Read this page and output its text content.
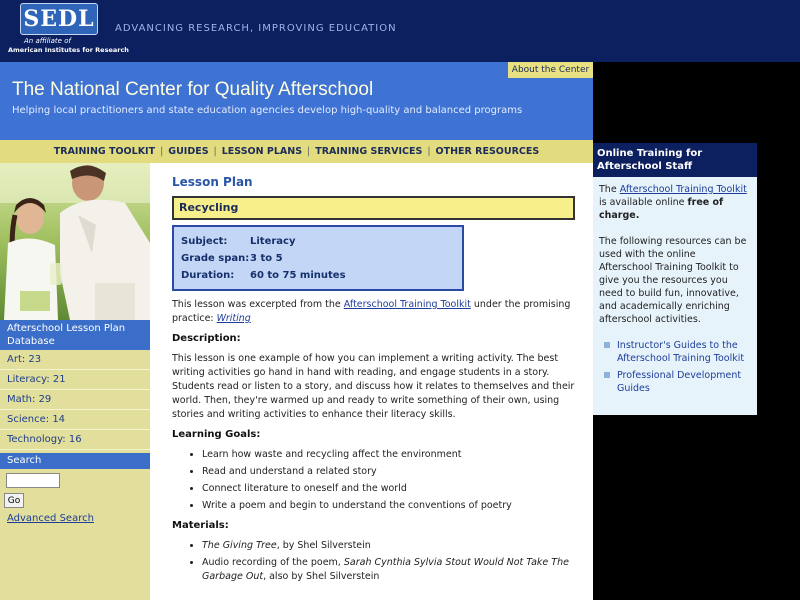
SEDL
An affiliate of
American Institutes for Research
ADVANCING RESEARCH, IMPROVING EDUCATION
About the Center
The National Center for Quality Afterschool
Helping local practitioners and state education agencies develop high-quality and balanced programs
TRAINING TOOLKIT | GUIDES | LESSON PLANS | TRAINING SERVICES | OTHER RESOURCES
Afterschool Lesson Plan Database
Art: 23
Literacy: 21
Math: 29
Science: 14
Technology: 16
Search
Go
Advanced Search
Lesson Plan
Recycling
Subject: Literacy
Grade span:3 to 5
Duration: 60 to 75 minutes

This lesson was excerpted from the Afterschool Training Toolkit under the promising practice: Writing

Description:

This lesson is one example of how you can implement a writing activity. The best writing activities go hand in hand with reading, and engage students in a story. Students read or listen to a story, and discuss how it relates to themselves and their world. Then, they're warmed up and ready to write something of their own, using stories and writing activities to enhance their literacy skills.

Learning Goals:
• Learn how waste and recycling affect the environment
• Read and understand a related story
• Connect literature to oneself and the world
• Write a poem and begin to understand the conventions of poetry
Materials:
• The Giving Tree, by Shel Silverstein
• Audio recording of the poem, Sarah Cynthia Sylvia Stout Would Not Take The Garbage Out, also by Shel Silverstein
Online Training for Afterschool Staff

The Afterschool Training Toolkit is available online free of charge.

The following resources can be used with the online Afterschool Training Toolkit to give you the resources you need to build fun, innovative, and academically enriching afterschool activities.

Instructor's Guides to the Afterschool Training Toolkit
Professional Development Guides
